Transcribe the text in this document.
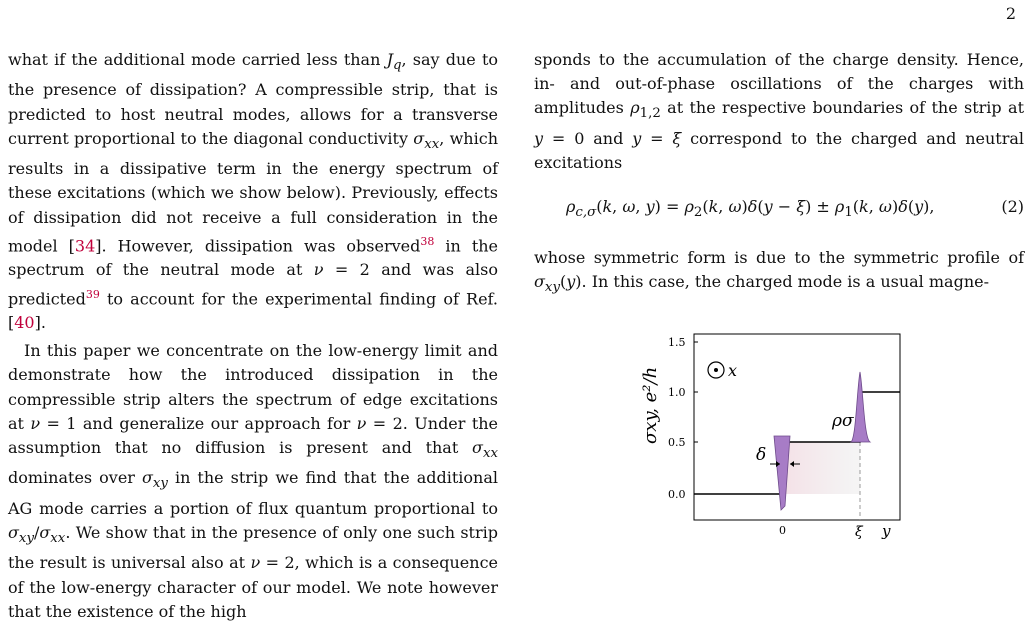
2

what if the additional mode carried less than $J_q$, say due to the presence of dissipation? A compressible strip, that is predicted to host neutral modes, allows for a transverse current proportional to the diagonal conductivity $\sigma_{xx}$, which results in a dissipative term in the energy spectrum of these excitations (which we show below). Previously, effects of dissipation did not receive a full consideration in the model [34]. However, dissipation was observed$^{38}$ in the spectrum of the neutral mode at ν = 2 and was also predicted$^{39}$ to account for the experimental finding of Ref. [40].

In this paper we concentrate on the low-energy limit and demonstrate how the introduced dissipation in the compressible strip alters the spectrum of edge excitations at ν = 1 and generalize our approach for ν = 2. Under the assumption that no diffusion is present and that $\sigma_{xx}$ dominates over $\sigma_{xy}$ in the strip we find that the additional AG mode carries a portion of flux quantum proportional to $\sigma_{xy}/\sigma_{xx}$. We show that in the presence of only one such strip the result is universal also at ν = 2, which is a consequence of the low-energy character of our model. We note however that the existence of the high

sponds to the accumulation of the charge density. Hence, in- and out-of-phase oscillations of the charges with amplitudes $\rho_{1,2}$ at the respective boundaries of the strip at y = 0 and y = ξ correspond to the charged and neutral excitations

$\rho_{c,\sigma}(k$, ω, $y) = \rho_2(k$, $\omega)\delta(y - \xi) \pm \rho_1(k$, ω)δ(y),	(2)

whose symmetric form is due to the symmetric profile of $\sigma_{xy}(y)$. In this case, the charged mode is a usual magne-

δ
0.0
0.5
1.0
1.5
σxy, e²/h
0	ξ y
x
ρσ
